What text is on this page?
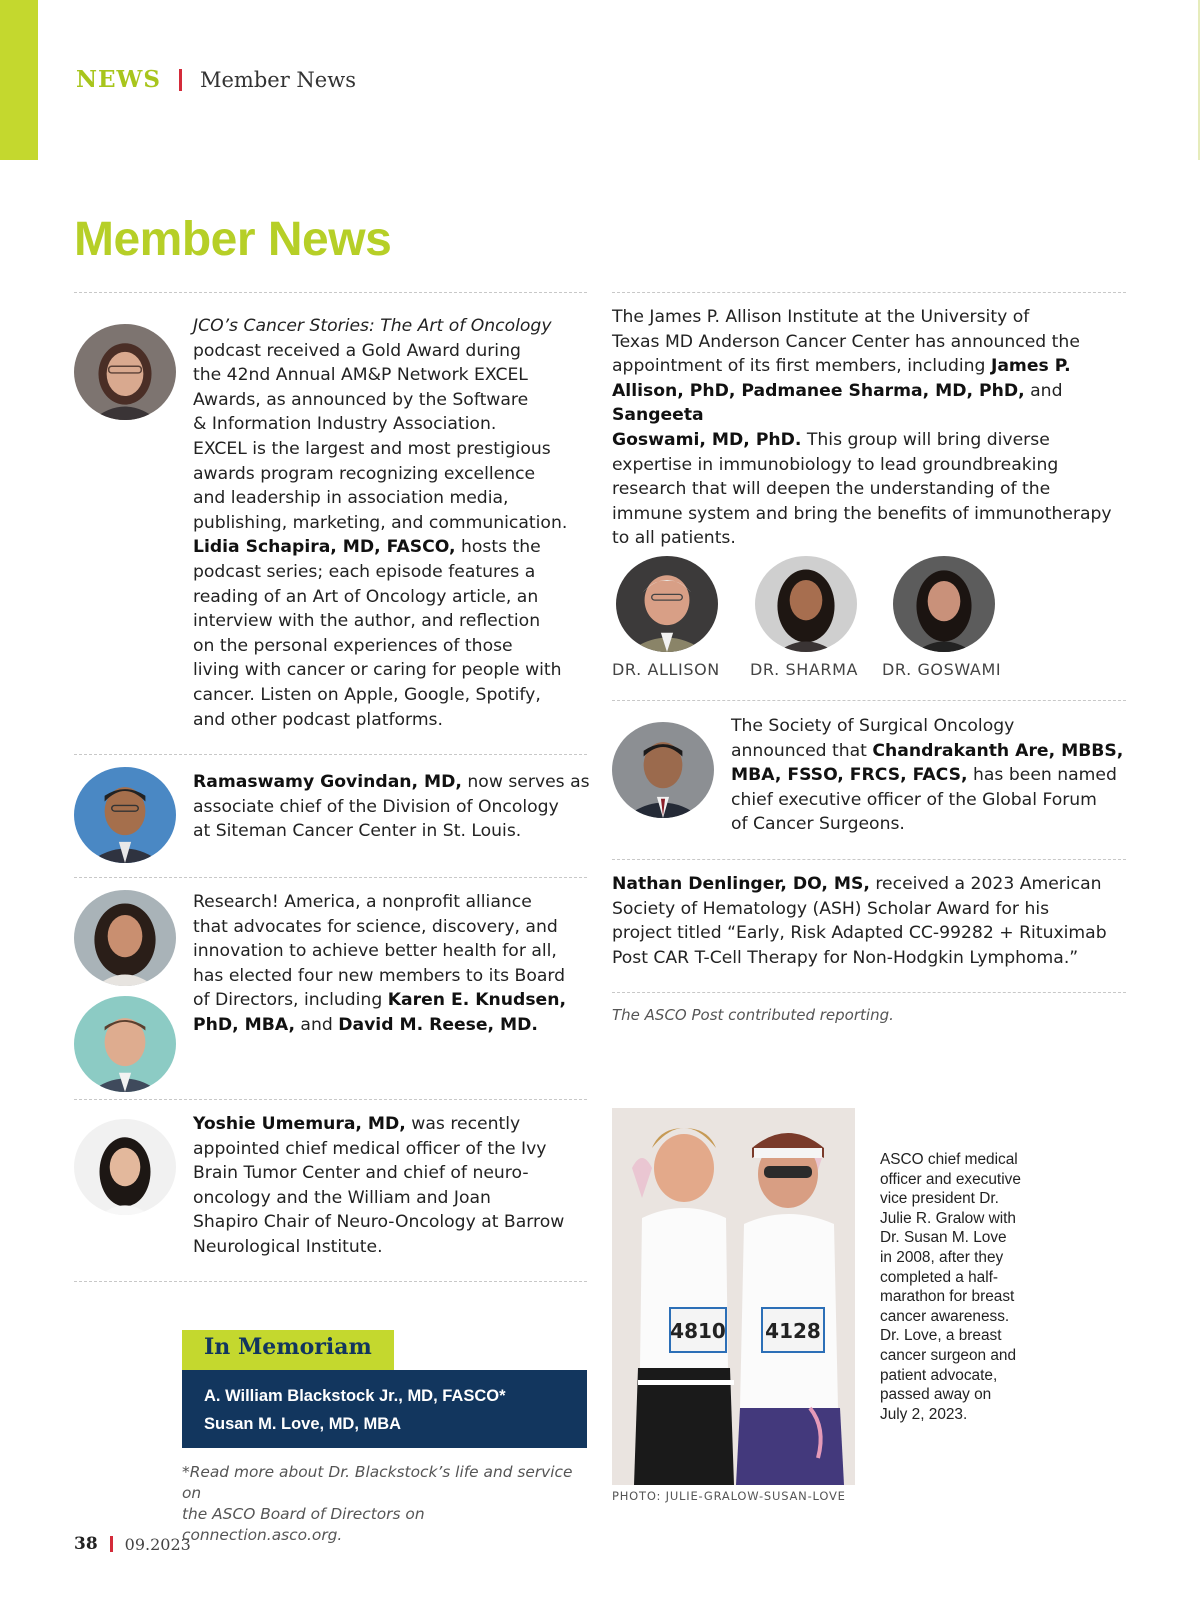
NEWS Member News
Member News
JCO’s Cancer Stories: The Art of Oncology
podcast received a Gold Award during
the 42nd Annual AM&P Network EXCEL
Awards, as announced by the Software
& Information Industry Association.
EXCEL is the largest and most prestigious
awards program recognizing excellence
and leadership in association media,
publishing, marketing, and communication.
Lidia Schapira, MD, FASCO, hosts the
podcast series; each episode features a
reading of an Art of Oncology article, an
interview with the author, and reflection
on the personal experiences of those
living with cancer or caring for people with
cancer. Listen on Apple, Google, Spotify,
and other podcast platforms.
Ramaswamy Govindan, MD, now serves as
associate chief of the Division of Oncology
at Siteman Cancer Center in St. Louis.
Research! America, a nonprofit alliance
that advocates for science, discovery, and
innovation to achieve better health for all,
has elected four new members to its Board
of Directors, including Karen E. Knudsen,
PhD, MBA, and David M. Reese, MD.
Yoshie Umemura, MD, was recently
appointed chief medical officer of the Ivy
Brain Tumor Center and chief of neuro-
oncology and the William and Joan
Shapiro Chair of Neuro-Oncology at Barrow
Neurological Institute.
The James P. Allison Institute at the University of
Texas MD Anderson Cancer Center has announced the
appointment of its first members, including James P.
Allison, PhD, Padmanee Sharma, MD, PhD, and Sangeeta
Goswami, MD, PhD. This group will bring diverse
expertise in immunobiology to lead groundbreaking
research that will deepen the understanding of the
immune system and bring the benefits of immunotherapy
to all patients.
DR. ALLISON DR. SHARMA DR. GOSWAMI
The Society of Surgical Oncology
announced that Chandrakanth Are, MBBS,
MBA, FSSO, FRCS, FACS, has been named
chief executive officer of the Global Forum
of Cancer Surgeons.
Nathan Denlinger, DO, MS, received a 2023 American
Society of Hematology (ASH) Scholar Award for his
project titled “Early, Risk Adapted CC-99282 + Rituximab
Post CAR T-Cell Therapy for Non-Hodgkin Lymphoma.”
The ASCO Post contributed reporting.
In Memoriam
A. William Blackstock Jr., MD, FASCO*
Susan M. Love, MD, MBA
*Read more about Dr. Blackstock’s life and service on
the ASCO Board of Directors on connection.asco.org.
4810 4128
ASCO chief medical
officer and executive
vice president Dr.
Julie R. Gralow with
Dr. Susan M. Love
in 2008, after they
completed a half-
marathon for breast
cancer awareness.
Dr. Love, a breast
cancer surgeon and
patient advocate,
passed away on
July 2, 2023.
PHOTO: JULIE-GRALOW-SUSAN-LOVE
38 09.2023
